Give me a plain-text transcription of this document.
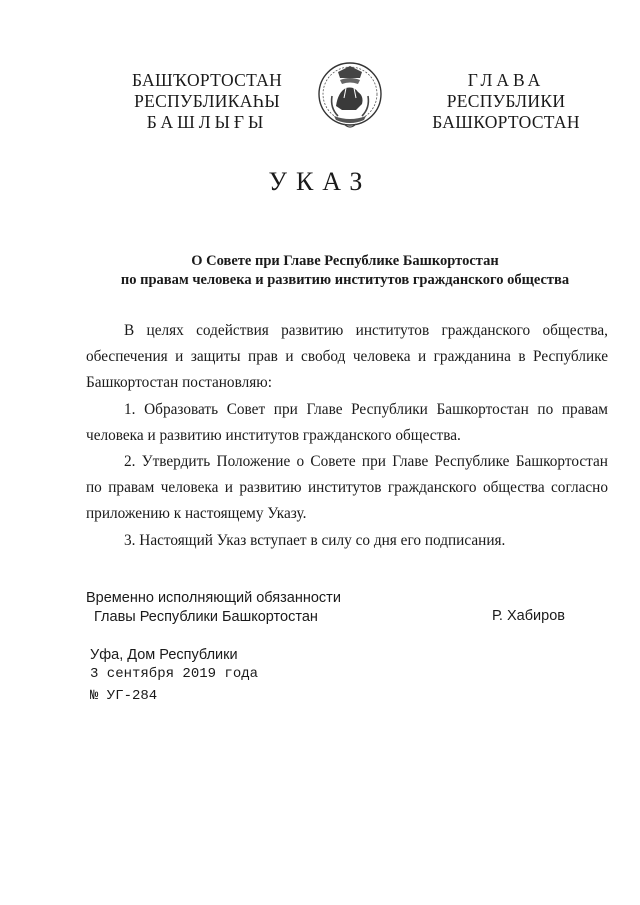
БАШҠОРТОСТАН
РЕСПУБЛИКАҺЫ
БАШЛЫҒЫ
ГЛАВА
РЕСПУБЛИКИ
БАШКОРТОСТАН
УКАЗ
О Совете при Главе Республике Башкортостан
по правам человека и развитию институтов гражданского общества

В целях содействия развитию институтов гражданского общества, обеспечения и защиты прав и свобод человека и гражданина в Республике Башкортостан постановляю:

1. Образовать Совет при Главе Республики Башкортостан по правам человека и развитию институтов гражданского общества.

2. Утвердить Положение о Совете при Главе Республике Башкортостан по правам человека и развитию институтов гражданского общества согласно приложению к настоящему Указу.

3. Настоящий Указ вступает в силу со дня его подписания.

Временно исполняющий обязанности
Главы Республики Башкортостан	Р. Хабиров
Уфа, Дом Республики
3 сентября 2019 года
№ УГ-284
